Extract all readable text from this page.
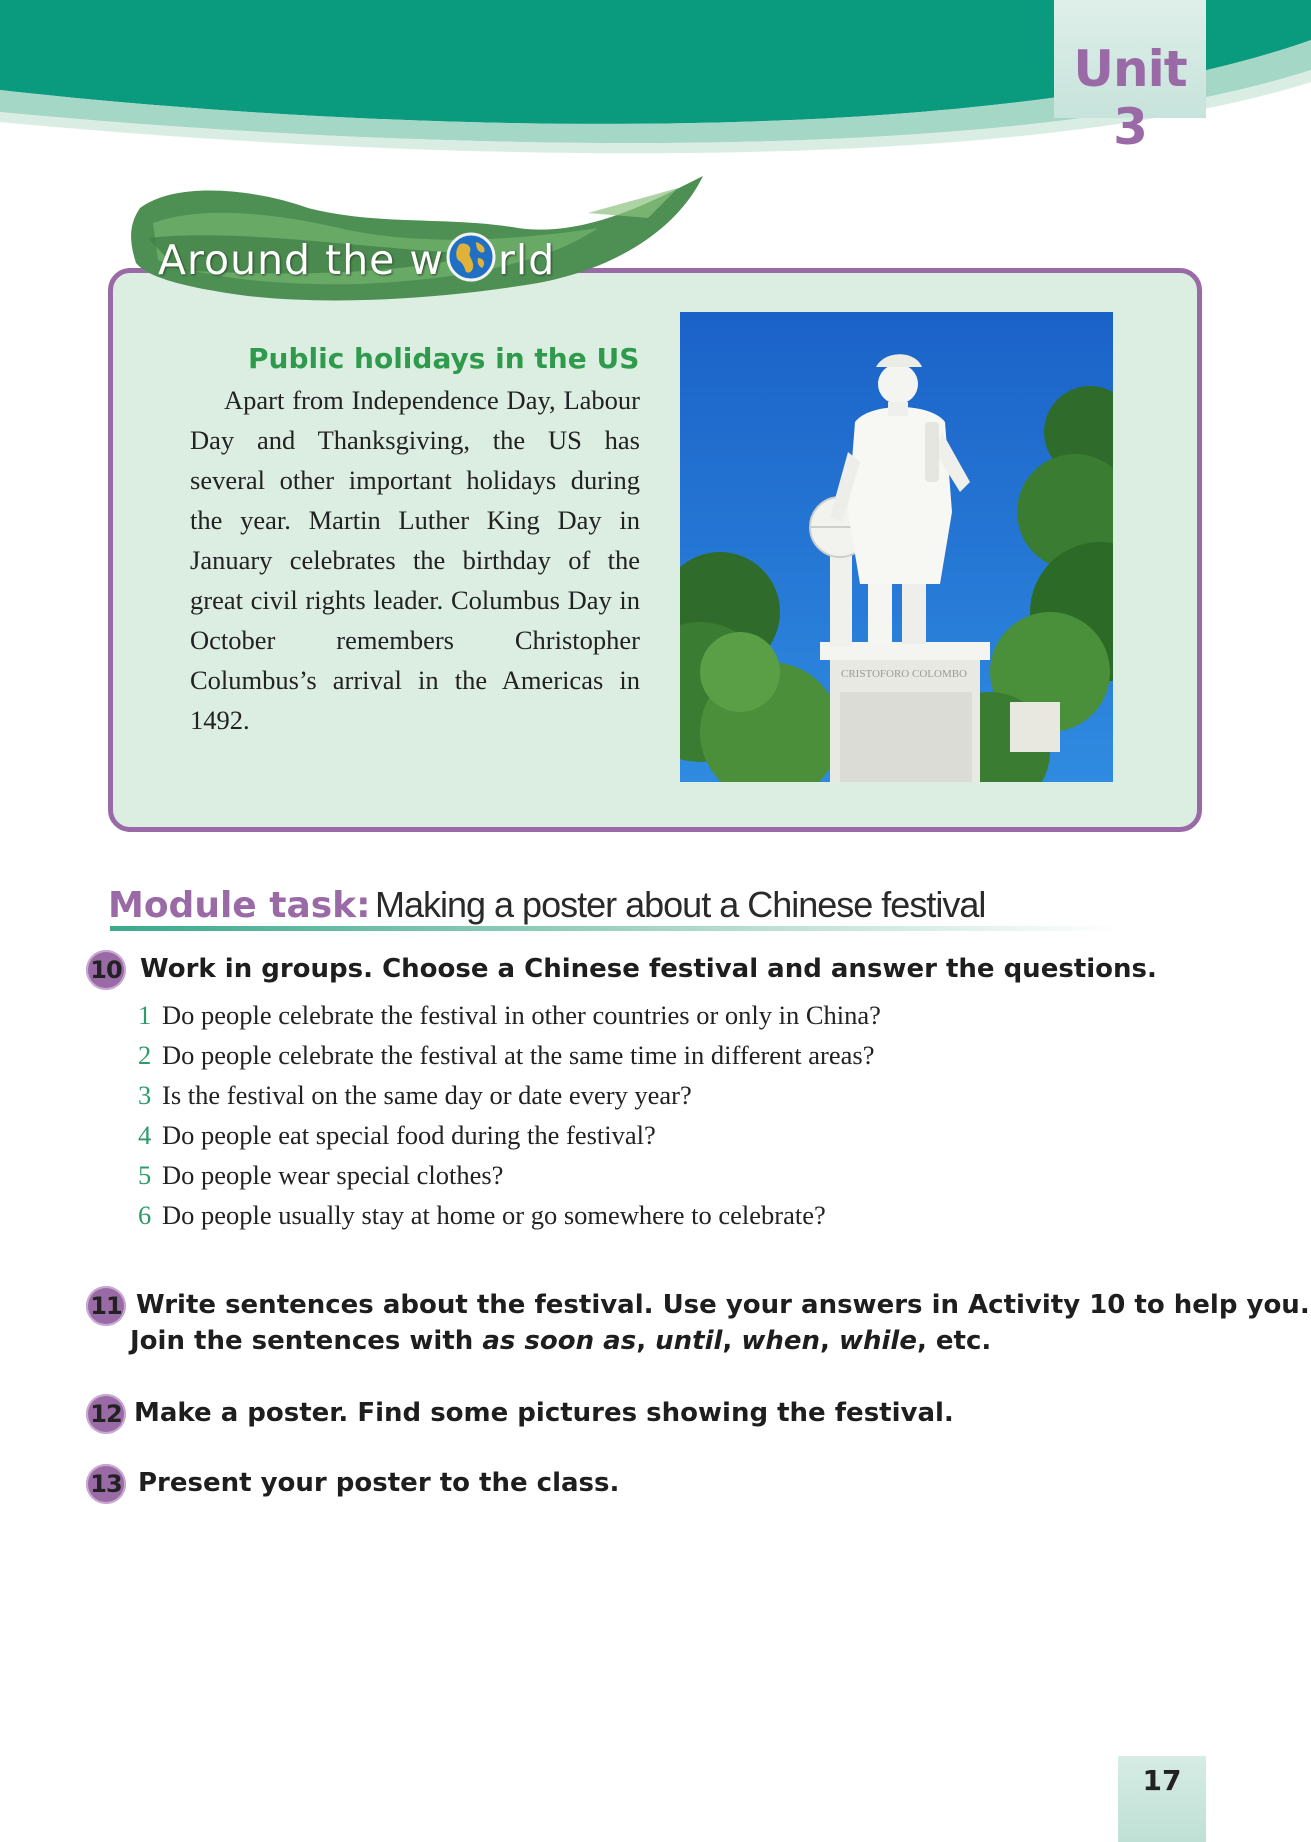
Unit 3
Around the w rld
Public holidays in the US

Apart from Independence Day, Labour Day and Thanksgiving, the US has several other important holidays during the year. Martin Luther King Day in January celebrates the birthday of the great civil rights leader. Columbus Day in October remembers Christopher Columbus’s arrival in the Americas in 1492.

CRISTOFORO COLOMBO
Module task: Making a poster about a Chinese festival
10 Work in groups. Choose a Chinese festival and answer the questions.
1 Do people celebrate the festival in other countries or only in China?
2 Do people celebrate the festival at the same time in different areas?
3 Is the festival on the same day or date every year?
4 Do people eat special food during the festival?
5 Do people wear special clothes?
6 Do people usually stay at home or go somewhere to celebrate?
11 Write sentences about the festival. Use your answers in Activity 10 to help you.
Join the sentences with as soon as, until, when, while, etc.
12 Make a poster. Find some pictures showing the festival.
13 Present your poster to the class.
17
